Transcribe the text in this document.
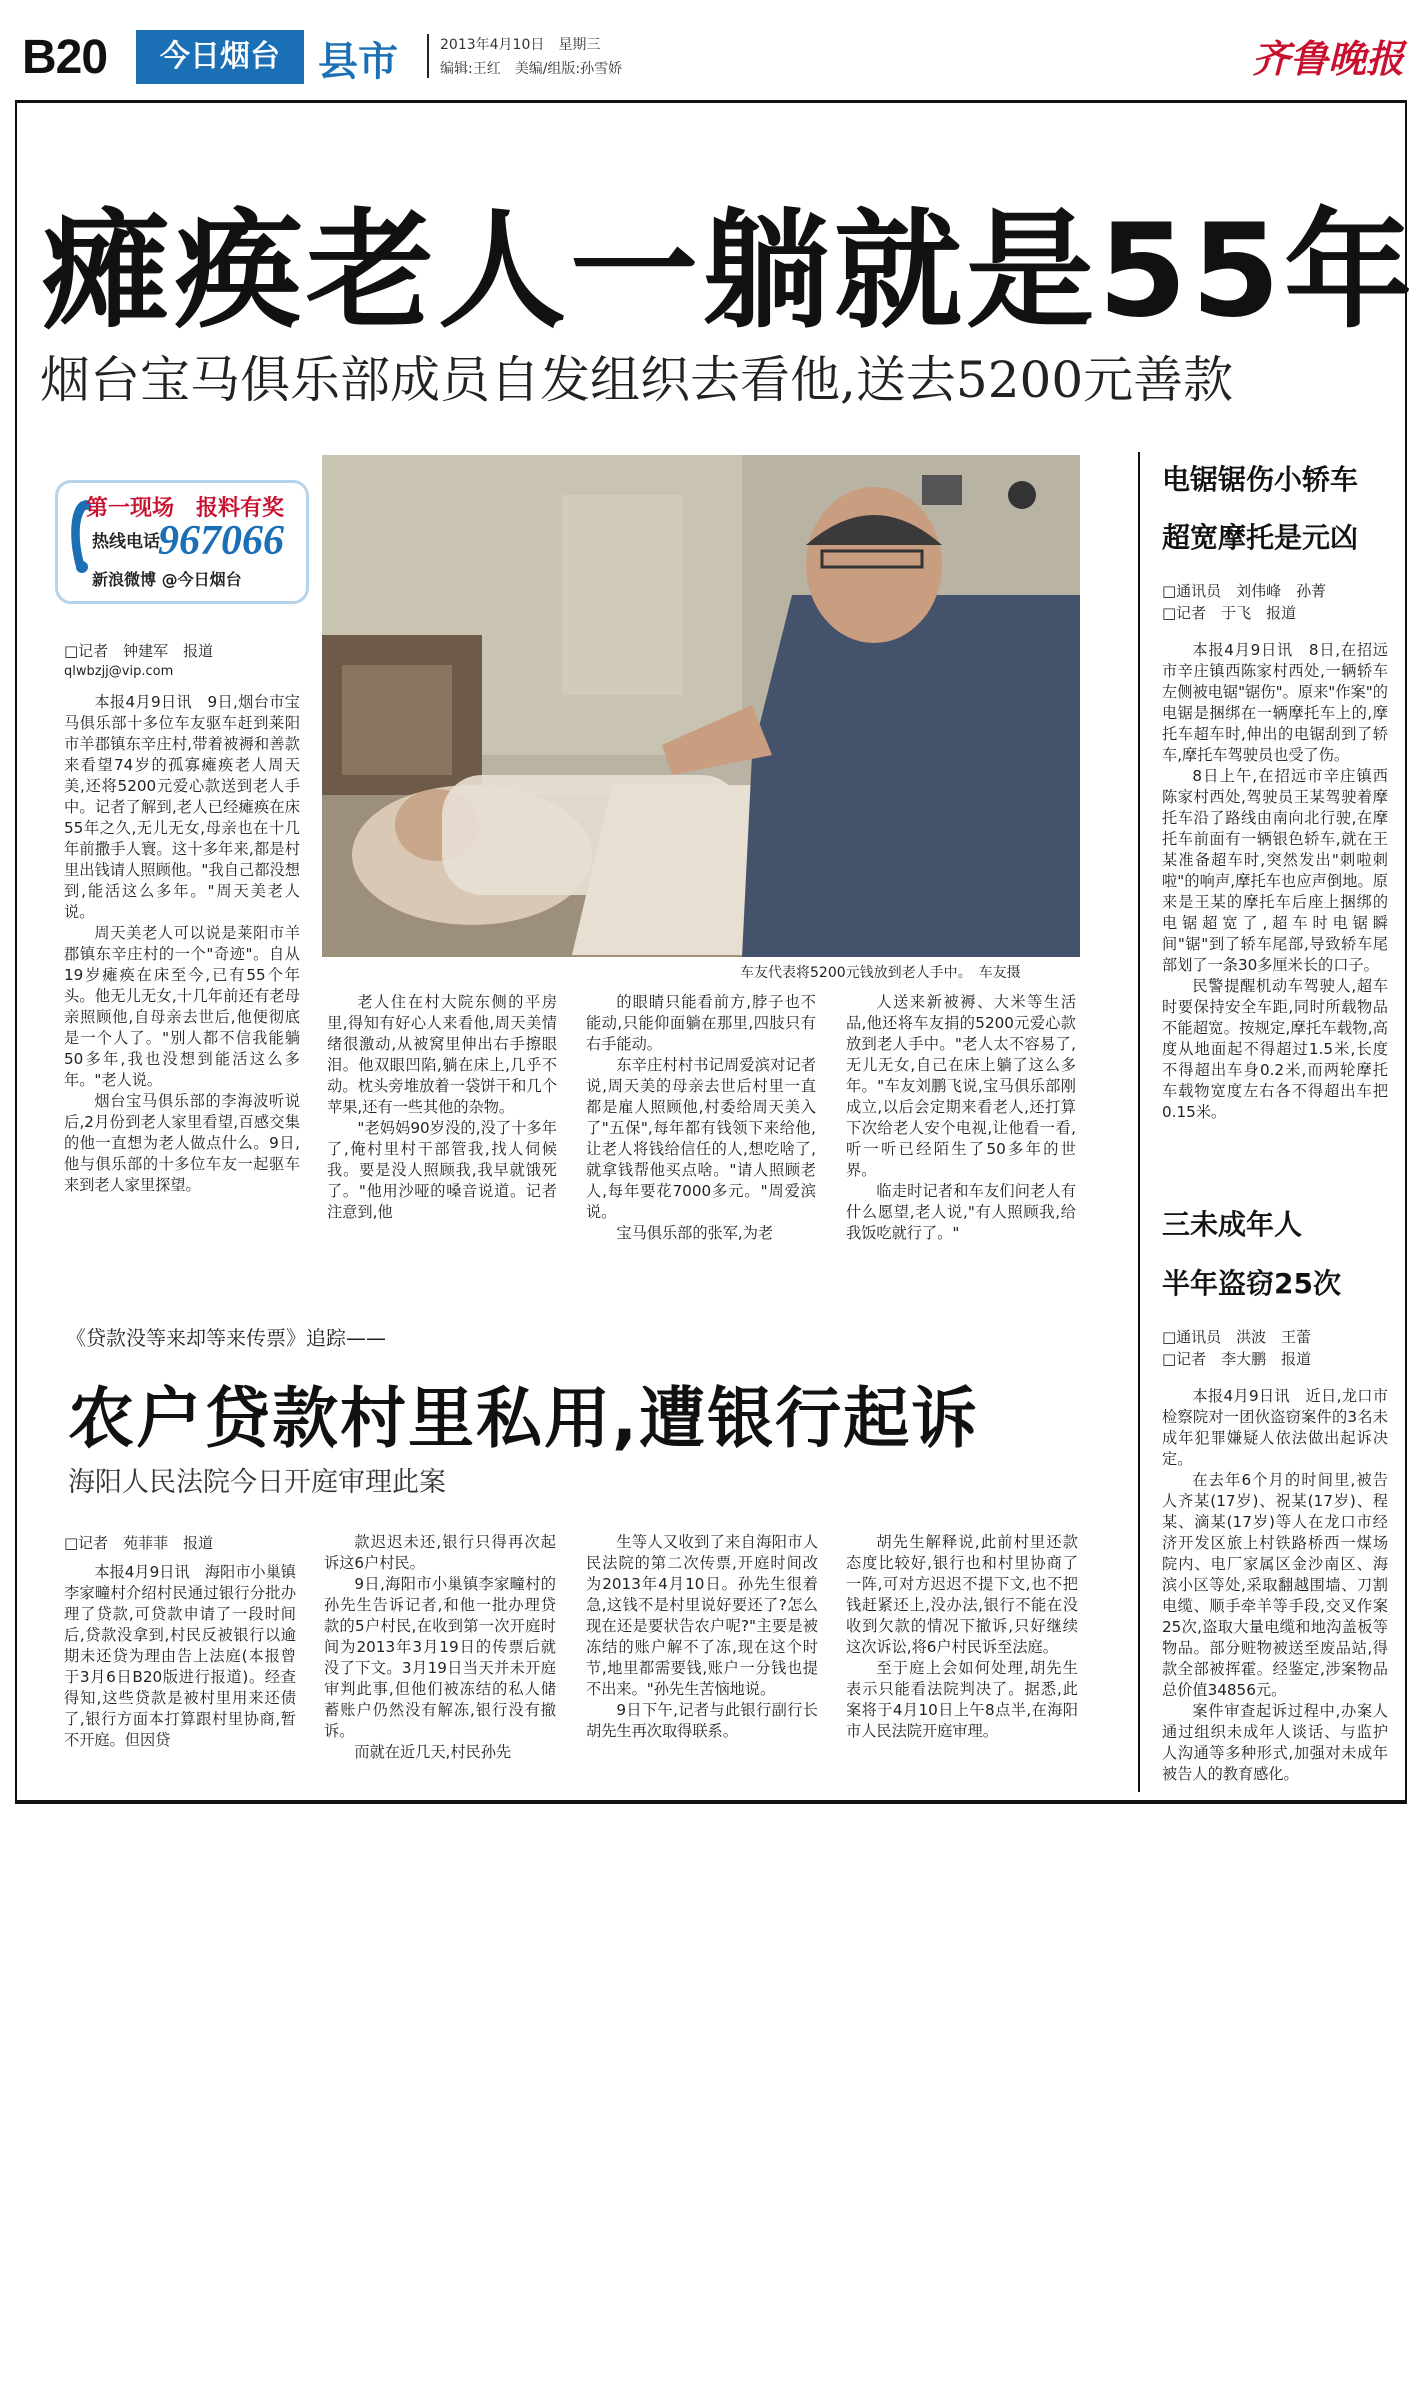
B20	今日烟台 县市	2013年4月10日　星期三
编辑:王红　美编/组版:孙雪娇	齐鲁晚报
瘫痪老人一躺就是55年
烟台宝马俱乐部成员自发组织去看他,送去5200元善款
第一现场　报料有奖
热线电话
967066
新浪微博 @今日烟台
□记者　钟建军　报道
qlwbzjj@vip.com
车友代表将5200元钱放到老人手中。　车友摄

本报4月9日讯　9日,烟台市宝马俱乐部十多位车友驱车赶到莱阳市羊郡镇东辛庄村,带着被褥和善款来看望74岁的孤寡瘫痪老人周天美,还将5200元爱心款送到老人手中。记者了解到,老人已经瘫痪在床55年之久,无儿无女,母亲也在十几年前撒手人寰。这十多年来,都是村里出钱请人照顾他。"我自己都没想到,能活这么多年。"周天美老人说。

周天美老人可以说是莱阳市羊郡镇东辛庄村的一个"奇迹"。自从19岁瘫痪在床至今,已有55个年头。他无儿无女,十几年前还有老母亲照顾他,自母亲去世后,他便彻底是一个人了。"别人都不信我能躺50多年,我也没想到能活这么多年。"老人说。

烟台宝马俱乐部的李海波听说后,2月份到老人家里看望,百感交集的他一直想为老人做点什么。9日,他与俱乐部的十多位车友一起驱车来到老人家里探望。

老人住在村大院东侧的平房里,得知有好心人来看他,周天美情绪很激动,从被窝里伸出右手擦眼泪。他双眼凹陷,躺在床上,几乎不动。枕头旁堆放着一袋饼干和几个苹果,还有一些其他的杂物。

"老妈妈90岁没的,没了十多年了,俺村里村干部管我,找人伺候我。要是没人照顾我,我早就饿死了。"他用沙哑的嗓音说道。记者注意到,他

的眼睛只能看前方,脖子也不能动,只能仰面躺在那里,四肢只有右手能动。

东辛庄村村书记周爱滨对记者说,周天美的母亲去世后村里一直都是雇人照顾他,村委给周天美入了"五保",每年都有钱领下来给他,让老人将钱给信任的人,想吃啥了,就拿钱帮他买点啥。"请人照顾老人,每年要花7000多元。"周爱滨说。

宝马俱乐部的张军,为老

人送来新被褥、大米等生活品,他还将车友捐的5200元爱心款放到老人手中。"老人太不容易了,无儿无女,自己在床上躺了这么多年。"车友刘鹏飞说,宝马俱乐部刚成立,以后会定期来看老人,还打算下次给老人安个电视,让他看一看,听一听已经陌生了50多年的世界。

临走时记者和车友们问老人有什么愿望,老人说,"有人照顾我,给我饭吃就行了。"

电锯锯伤小轿车
超宽摩托是元凶
□通讯员　刘伟峰　孙菁
□记者　于飞　报道

本报4月9日讯　8日,在招远市辛庄镇西陈家村西处,一辆轿车左侧被电锯"锯伤"。原来"作案"的电锯是捆绑在一辆摩托车上的,摩托车超车时,伸出的电锯刮到了轿车,摩托车驾驶员也受了伤。

8日上午,在招远市辛庄镇西陈家村西处,驾驶员王某驾驶着摩托车沿了路线由南向北行驶,在摩托车前面有一辆银色轿车,就在王某准备超车时,突然发出"刺啦刺啦"的响声,摩托车也应声倒地。原来是王某的摩托车后座上捆绑的电锯超宽了,超车时电锯瞬间"锯"到了轿车尾部,导致轿车尾部划了一条30多厘米长的口子。

民警提醒机动车驾驶人,超车时要保持安全车距,同时所载物品不能超宽。按规定,摩托车载物,高度从地面起不得超过1.5米,长度不得超出车身0.2米,而两轮摩托车载物宽度左右各不得超出车把0.15米。

三未成年人
半年盗窃25次
□通讯员　洪波　王蕾
□记者　李大鹏　报道

本报4月9日讯　近日,龙口市检察院对一团伙盗窃案件的3名未成年犯罪嫌疑人依法做出起诉决定。

在去年6个月的时间里,被告人齐某(17岁)、祝某(17岁)、程某、滴某(17岁)等人在龙口市经济开发区旅上村铁路桥西一煤场院内、电厂家属区金沙南区、海滨小区等处,采取翻越围墙、刀割电缆、顺手牵羊等手段,交叉作案25次,盗取大量电缆和地沟盖板等物品。部分赃物被送至废品站,得款全部被挥霍。经鉴定,涉案物品总价值34856元。

案件审查起诉过程中,办案人通过组织未成年人谈话、与监护人沟通等多种形式,加强对未成年被告人的教育感化。

《贷款没等来却等来传票》追踪——
农户贷款村里私用,遭银行起诉
海阳人民法院今日开庭审理此案
□记者　苑菲菲　报道

本报4月9日讯　海阳市小巢镇李家疃村介绍村民通过银行分批办理了贷款,可贷款申请了一段时间后,贷款没拿到,村民反被银行以逾期未还贷为理由告上法庭(本报曾于3月6日B20版进行报道)。经查得知,这些贷款是被村里用来还债了,银行方面本打算跟村里协商,暂不开庭。但因贷

款迟迟未还,银行只得再次起诉这6户村民。

9日,海阳市小巢镇李家疃村的孙先生告诉记者,和他一批办理贷款的5户村民,在收到第一次开庭时间为2013年3月19日的传票后就没了下文。3月19日当天并未开庭审判此事,但他们被冻结的私人储蓄账户仍然没有解冻,银行没有撤诉。

而就在近几天,村民孙先

生等人又收到了来自海阳市人民法院的第二次传票,开庭时间改为2013年4月10日。孙先生很着急,这钱不是村里说好要还了?怎么现在还是要状告农户呢?"主要是被冻结的账户解不了冻,现在这个时节,地里都需要钱,账户一分钱也提不出来。"孙先生苦恼地说。

9日下午,记者与此银行副行长胡先生再次取得联系。

胡先生解释说,此前村里还款态度比较好,银行也和村里协商了一阵,可对方迟迟不提下文,也不把钱赶紧还上,没办法,银行不能在没收到欠款的情况下撤诉,只好继续这次诉讼,将6户村民诉至法庭。

至于庭上会如何处理,胡先生表示只能看法院判决了。据悉,此案将于4月10日上午8点半,在海阳市人民法院开庭审理。
